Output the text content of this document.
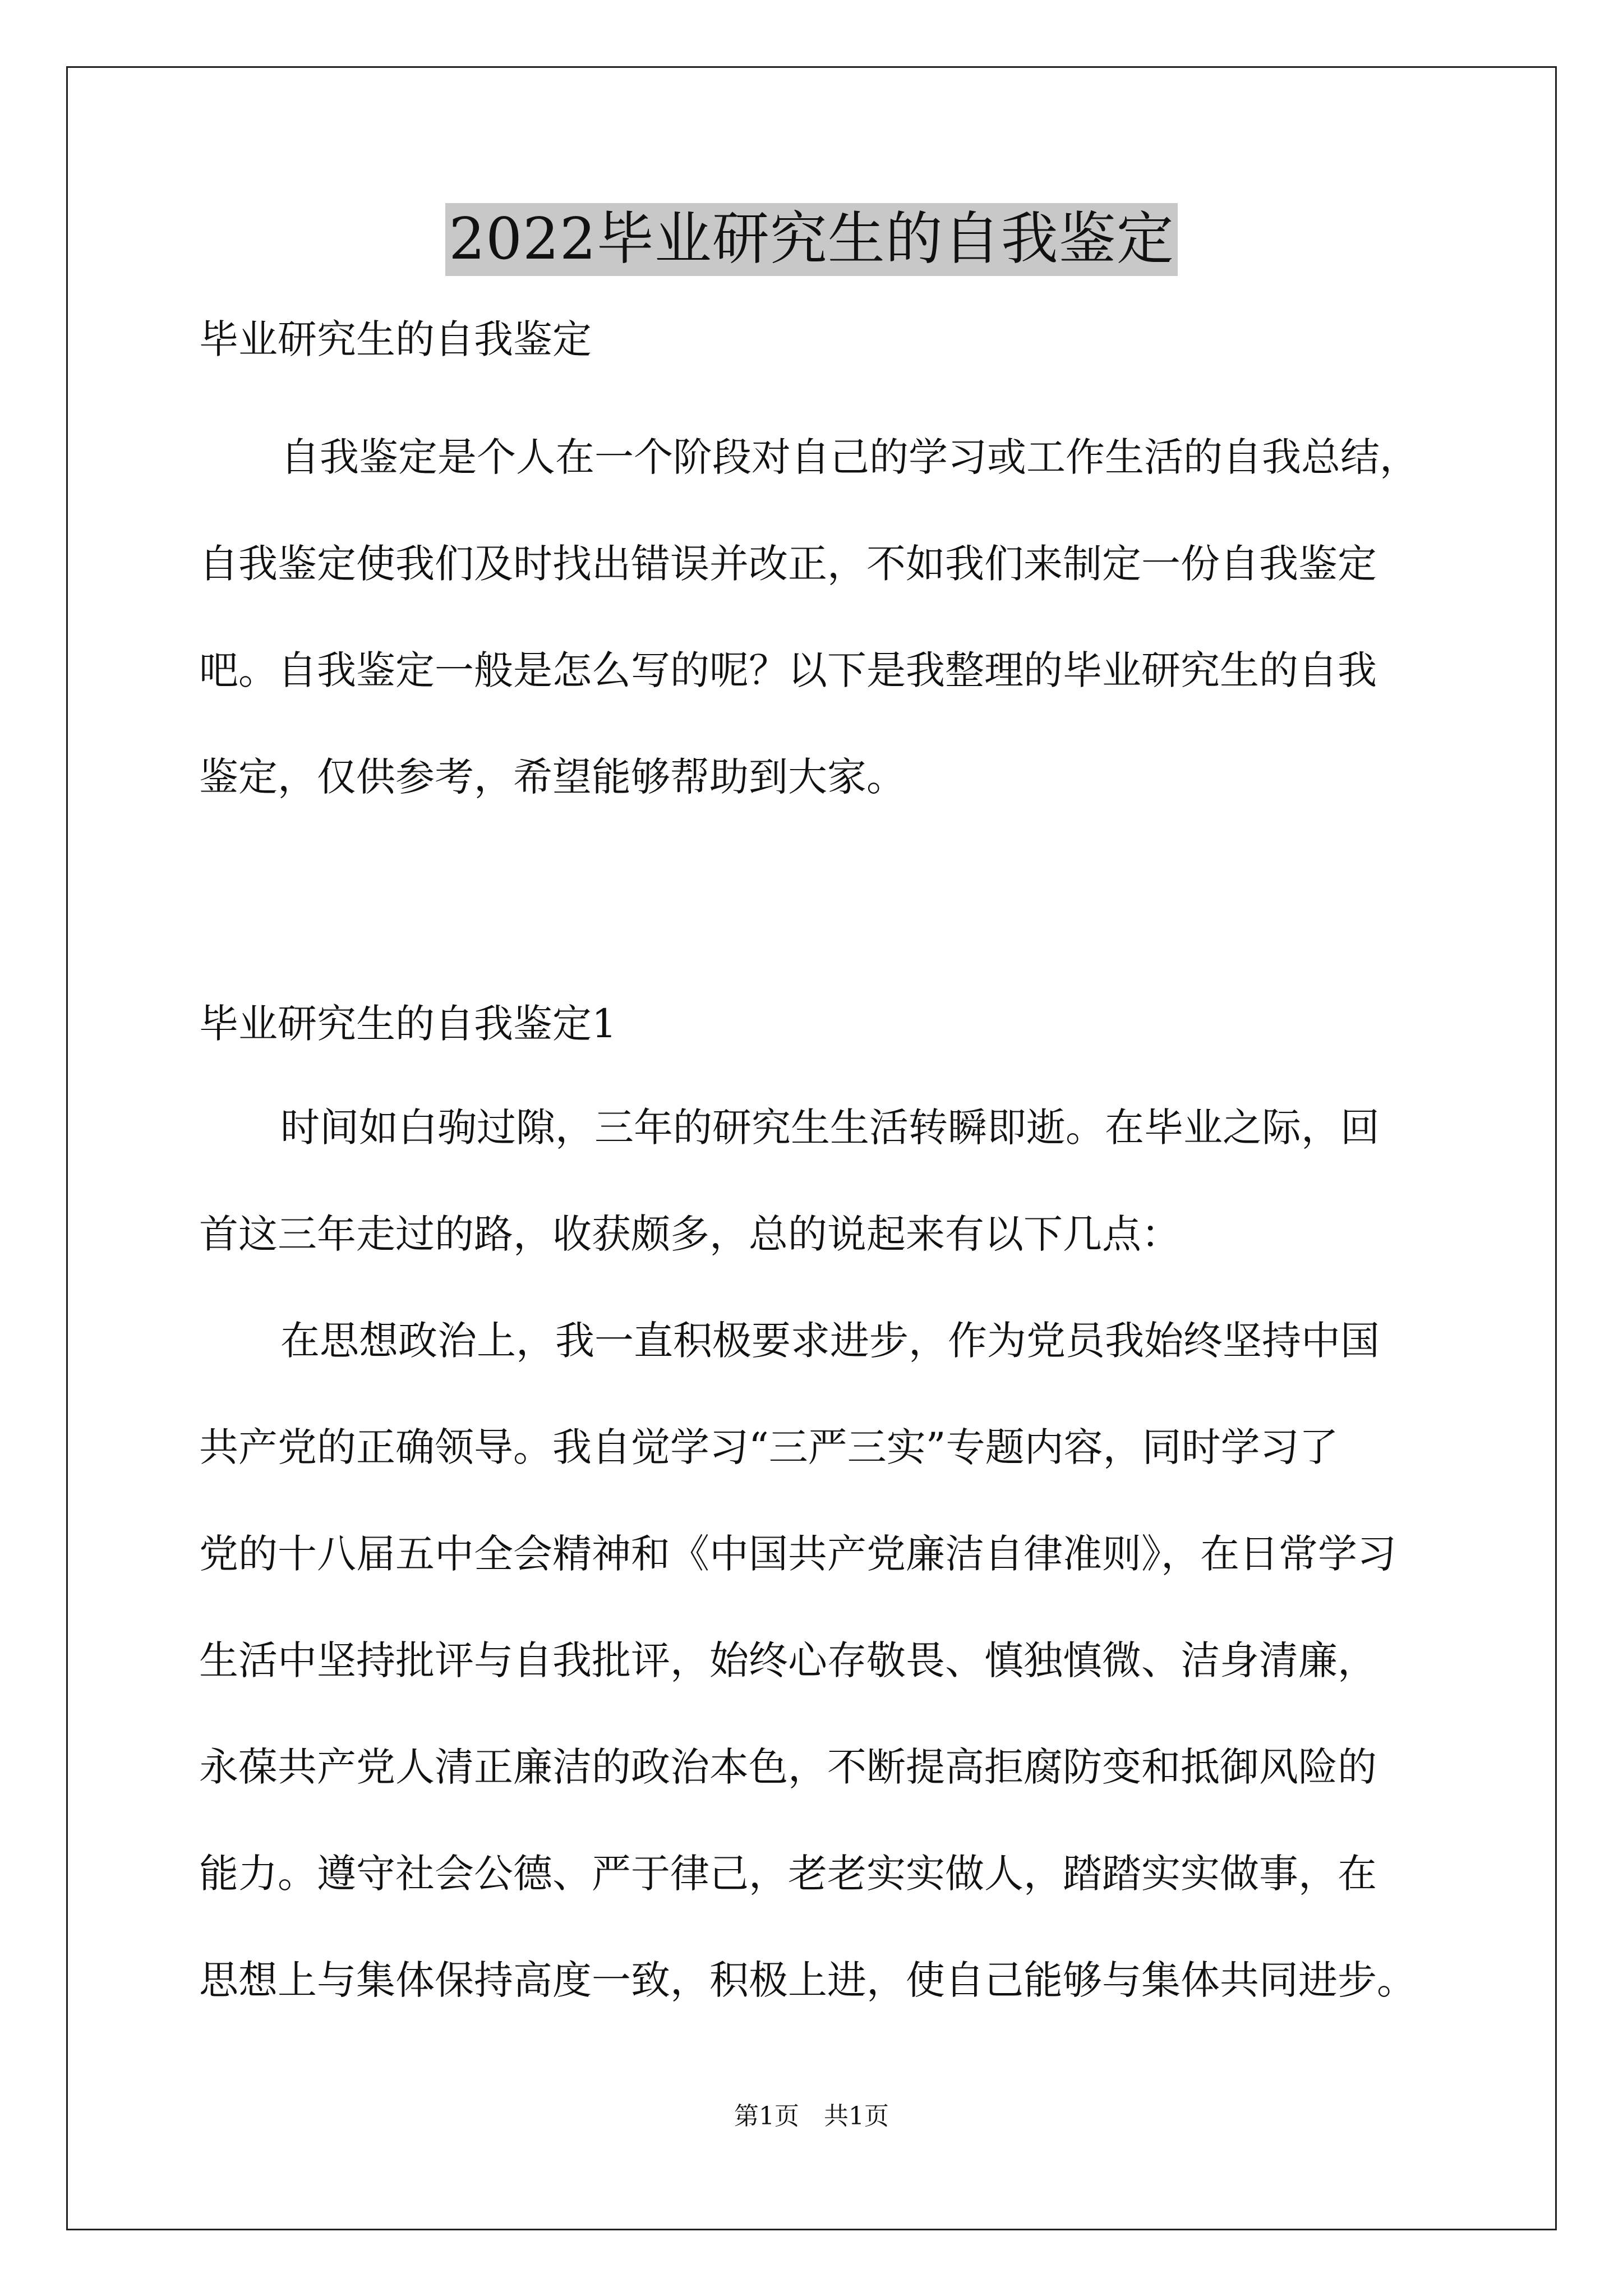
2022毕业研究生的自我鉴定
毕业研究生的自我鉴定
自我鉴定是个人在一个阶段对自己的学习或工作生活的自我总结，
自我鉴定使我们及时找出错误并改正，不如我们来制定一份自我鉴定
吧。自我鉴定一般是怎么写的呢？以下是我整理的毕业研究生的自我
鉴定，仅供参考，希望能够帮助到大家。
毕业研究生的自我鉴定1
时间如白驹过隙，三年的研究生生活转瞬即逝。在毕业之际，回
首这三年走过的路，收获颇多，总的说起来有以下几点：
在思想政治上，我一直积极要求进步，作为党员我始终坚持中国
共产党的正确领导。我自觉学习“三严三实”专题内容，同时学习了
党的十八届五中全会精神和《中国共产党廉洁自律准则》，在日常学习
生活中坚持批评与自我批评，始终心存敬畏、慎独慎微、洁身清廉，
永葆共产党人清正廉洁的政治本色，不断提高拒腐防变和抵御风险的
能力。遵守社会公德、严于律己，老老实实做人，踏踏实实做事，在
思想上与集体保持高度一致，积极上进，使自己能够与集体共同进步。
第1页　共1页
